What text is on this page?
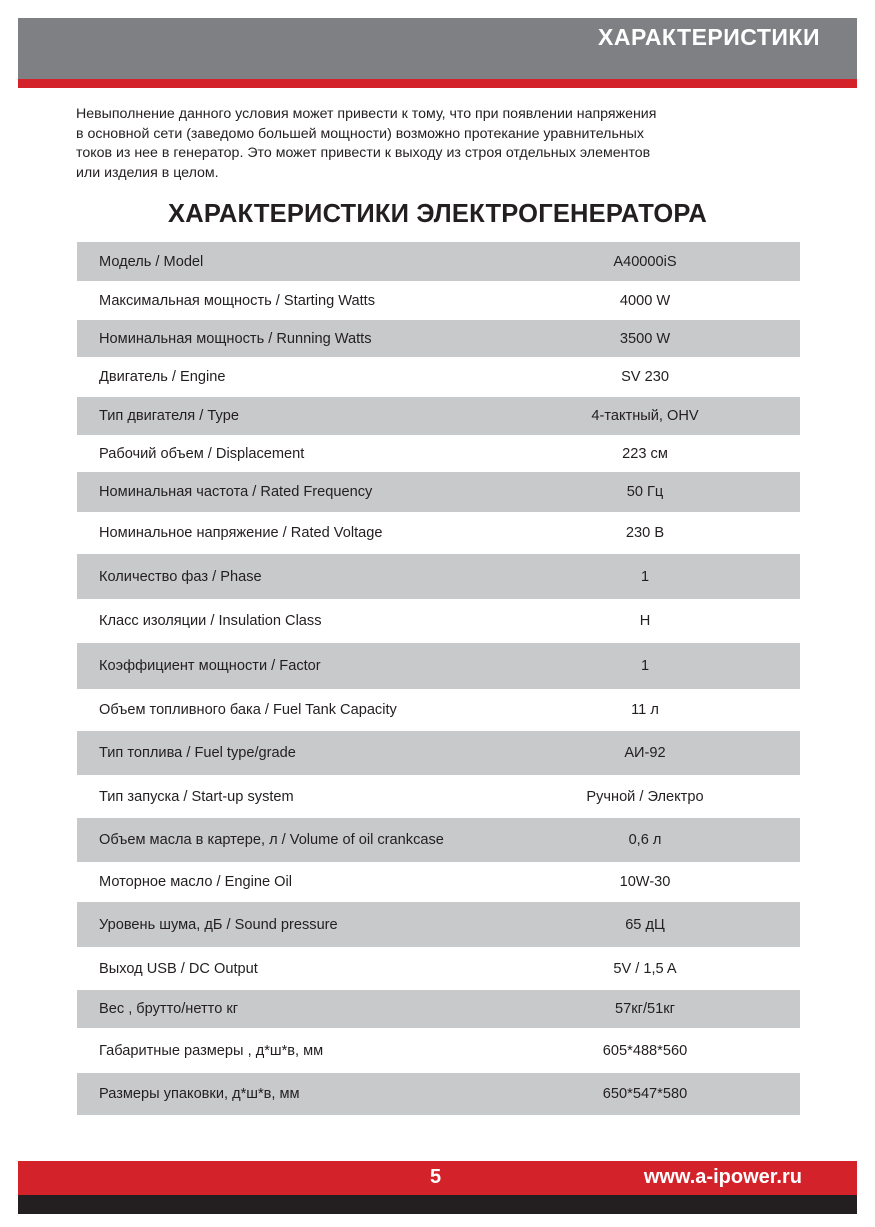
ХАРАКТЕРИСТИКИ
Невыполнение данного условия может привести к тому, что при появлении напряжения
в основной сети (заведомо большей мощности) возможно протекание уравнительных
токов из нее в генератор. Это может привести к выходу из строя отдельных элементов
или изделия в целом.
ХАРАКТЕРИСТИКИ ЭЛЕКТРОГЕНЕРАТОРА
Модель / Model	A40000iS
Максимальная мощность / Starting Watts	4000 W
Номинальная мощность / Running Watts	3500 W
Двигатель / Engine	SV 230
Тип двигателя / Type	4-тактный, OHV
Рабочий объем / Displacement	223 см
Номинальная частота / Rated Frequency	50 Гц
Номинальное напряжение / Rated Voltage	230 В
Количество фаз / Phase	1
Класс изоляции / Insulation Class	H
Коэффициент мощности / Factor	1
Объем топливного бака / Fuel Tank Capacity	11 л
Тип топлива / Fuel type/grade	АИ-92
Тип запуска / Start-up system	Ручной / Электро
Объем масла в картере, л / Volume of oil crankcase	0,6 л
Моторное масло / Engine Oil	10W-30
Уровень шума, дБ / Sound pressure	65 дЦ
Выход USB / DC Output	5V / 1,5 A
Вес , брутто/нетто кг	57кг/51кг
Габаритные размеры , д*ш*в, мм	605*488*560
Размеры упаковки, д*ш*в, мм	650*547*580
5	www.a-ipower.ru
